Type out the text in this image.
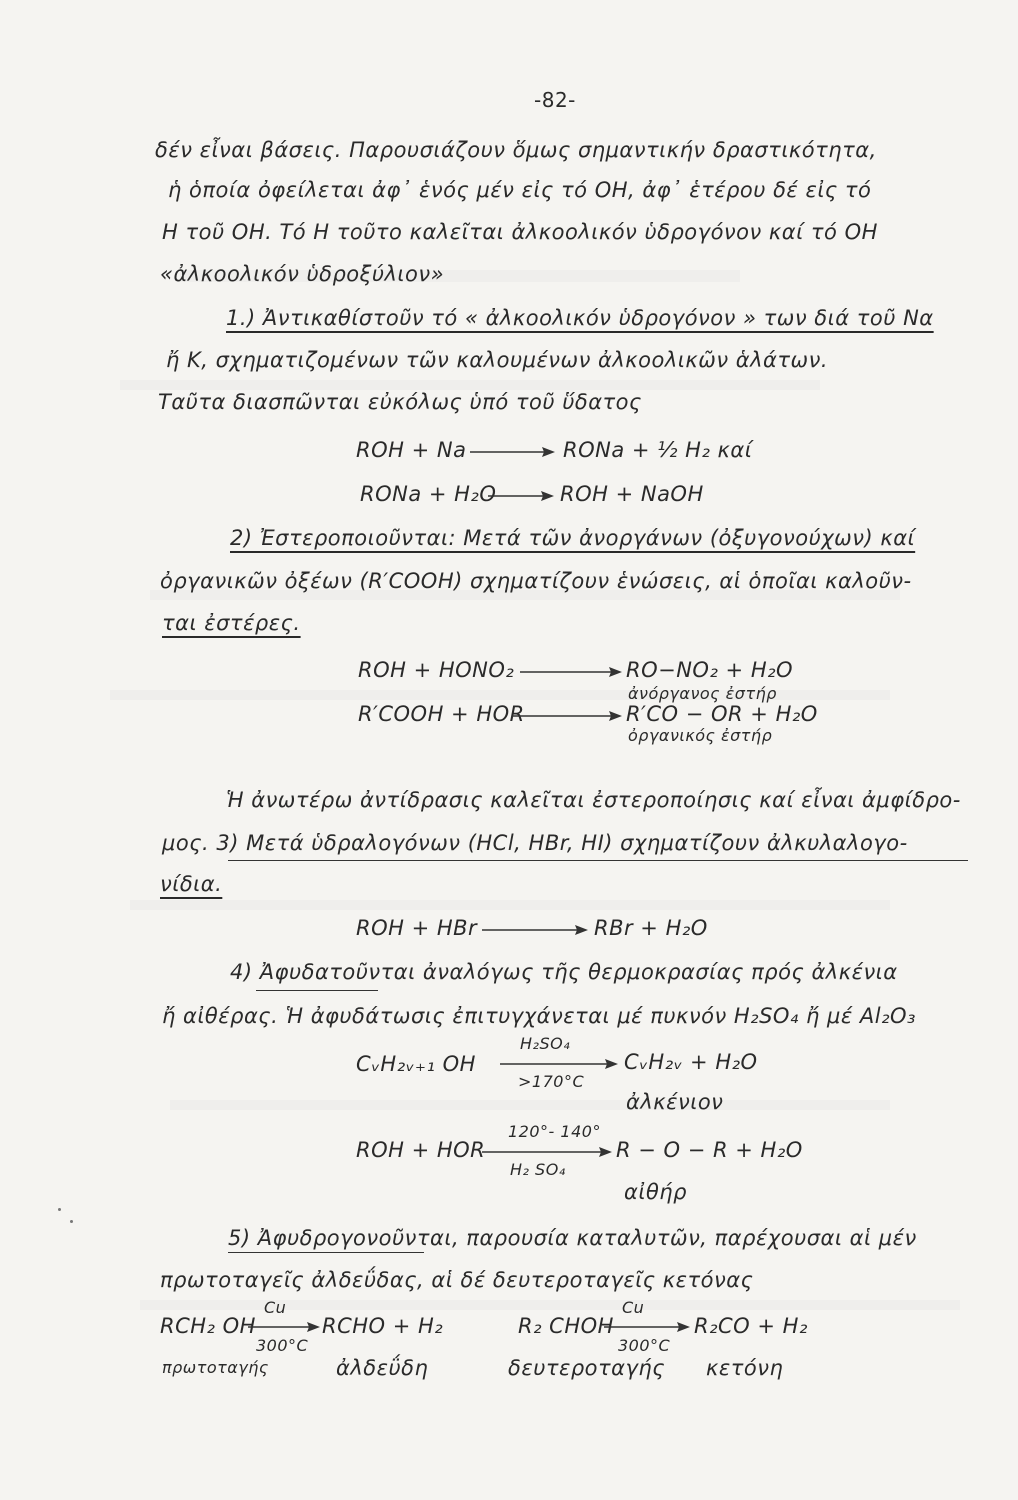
-82-
δέν εἶναι βάσεις. Παρουσιάζουν ὅμως σημαντικήν δραστικότητα,
ἡ ὁποία ὀφείλεται ἀφ᾽ ἑνός μέν εἰς τό ΟΗ, ἀφ᾽ ἑτέρου δέ εἰς τό
Η τοῦ ΟΗ. Τό Η τοῦτο καλεῖται ἀλκοολικόν ὑδρογόνον καί τό ΟΗ
«ἀλκοολικόν ὑδροξύλιον»
1.) Ἀντικαθίστοῦν τό « ἀλκοολικόν ὑδρογόνον » των διά τοῦ Να
ἤ Κ, σχηματιζομένων τῶν καλουμένων ἀλκοολικῶν ἁλάτων.
Ταῦτα διασπῶνται εὐκόλως ὑπό τοῦ ὕδατος
ROH + Na	RONa + ½ H₂ καί
RONa + H₂O	ROH + NaOH
2) Ἐστεροποιοῦνται: Μετά τῶν ἀνοργάνων (ὀξυγονούχων) καί
ὀργανικῶν ὀξέων (R′COOH) σχηματίζουν ἑνώσεις, αἱ ὁποῖαι καλοῦν-
ται ἐστέρες.
ROH + HONO₂	RO−NO₂ + H₂O
ἀνόργανος ἐστήρ
R′COOH + HOR	R′CO − OR + H₂O
ὀργανικός ἐστήρ
Ἡ ἀνωτέρω ἀντίδρασις καλεῖται ἐστεροποίησις καί εἶναι ἀμφίδρο-
μος. 3) Μετά ὑδραλογόνων (HCl, HBr, HI) σχηματίζουν ἀλκυλαλογο-
νίδια.
ROH + HBr	RBr + H₂O
4) Ἀφυδατοῦνται ἀναλόγως τῆς θερμοκρασίας πρός ἀλκένια
ἤ αἰθέρας. Ἡ ἀφυδάτωσις ἐπιτυγχάνεται μέ πυκνόν H₂SO₄ ἤ μέ Al₂O₃
H₂SO₄
CᵥH₂ᵥ₊₁ OH	CᵥH₂ᵥ + H₂O
>170°C
ἀλκένιον
120°- 140°
ROH + HOR	R − O − R + H₂O
H₂ SO₄
αἰθήρ
5) Ἀφυδρογονοῦνται, παρουσία καταλυτῶν, παρέχουσαι αἱ μέν
πρωτοταγεῖς ἀλδεΰδας, αἱ δέ δευτεροταγεῖς κετόνας
Cu
RCH₂ OH	RCHO + H₂
300°C
πρωτοταγής	ἀλδεΰδη
Cu
R₂ CHOH	R₂CO + H₂
300°C
δευτεροταγής κετόνη
